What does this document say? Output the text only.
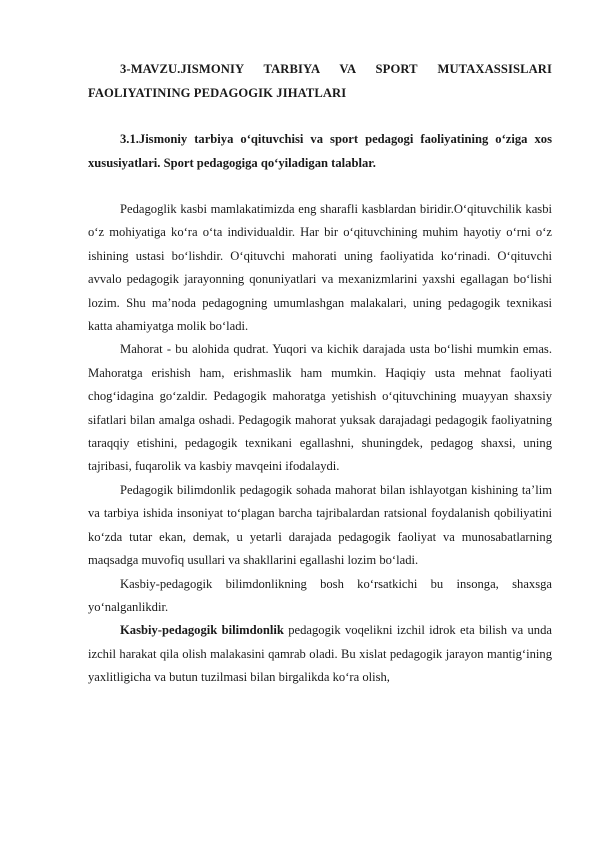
3-MAVZU.JISMONIY TARBIYA VA SPORT MUTAXASSISLARI FAOLIYATINING PEDAGOGIK JIHATLARI

3.1.Jismoniy tarbiya o‘qituvchisi va sport pedagogi faoliyatining o‘ziga xos xususiyatlari. Sport pedagogiga qo‘yiladigan talablar.

Pedagoglik kasbi mamlakatimizda eng sharafli kasblardan biridir.O‘qituvchilik kasbi o‘z mohiyatiga ko‘ra o‘ta individualdir. Har bir o‘qituvchining muhim hayotiy o‘rni o‘z ishining ustasi bo‘lishdir. O‘qituvchi mahorati uning faoliyatida ko‘rinadi. O‘qituvchi avvalo pedagogik jarayonning qonuniyatlari va mexanizmlarini yaxshi egallagan bo‘lishi lozim. Shu ma’noda pedagogning umumlashgan malakalari, uning pedagogik texnikasi katta ahamiyatga molik bo‘ladi.

Mahorat - bu alohida qudrat. Yuqori va kichik darajada usta bo‘lishi mumkin emas. Mahoratga erishish ham, erishmaslik ham mumkin. Haqiqiy usta mehnat faoliyati chog‘idagina go‘zaldir. Pedagogik mahoratga yetishish o‘qituvchining muayyan shaxsiy sifatlari bilan amalga oshadi. Pedagogik mahorat yuksak darajadagi pedagogik faoliyatning taraqqiy etishini, pedagogik texnikani egallashni, shuningdek, pedagog shaxsi, uning tajribasi, fuqarolik va kasbiy mavqeini ifodalaydi.

Pedagogik bilimdonlik pedagogik sohada mahorat bilan ishlayotgan kishining ta’lim va tarbiya ishida insoniyat to‘plagan barcha tajribalardan ratsional foydalanish qobiliyatini ko‘zda tutar ekan, demak, u yetarli darajada pedagogik faoliyat va munosabatlarning maqsadga muvofiq usullari va shakllarini egallashi lozim bo‘ladi.

Kasbiy-pedagogik bilimdonlikning bosh ko‘rsatkichi bu insonga, shaxsga yo‘nalganlikdir.

Kasbiy-pedagogik bilimdonlik pedagogik voqelikni izchil idrok eta bilish va unda izchil harakat qila olish malakasini qamrab oladi. Bu xislat pedagogik jarayon mantig‘ining yaxlitligicha va butun tuzilmasi bilan birgalikda ko‘ra olish,
